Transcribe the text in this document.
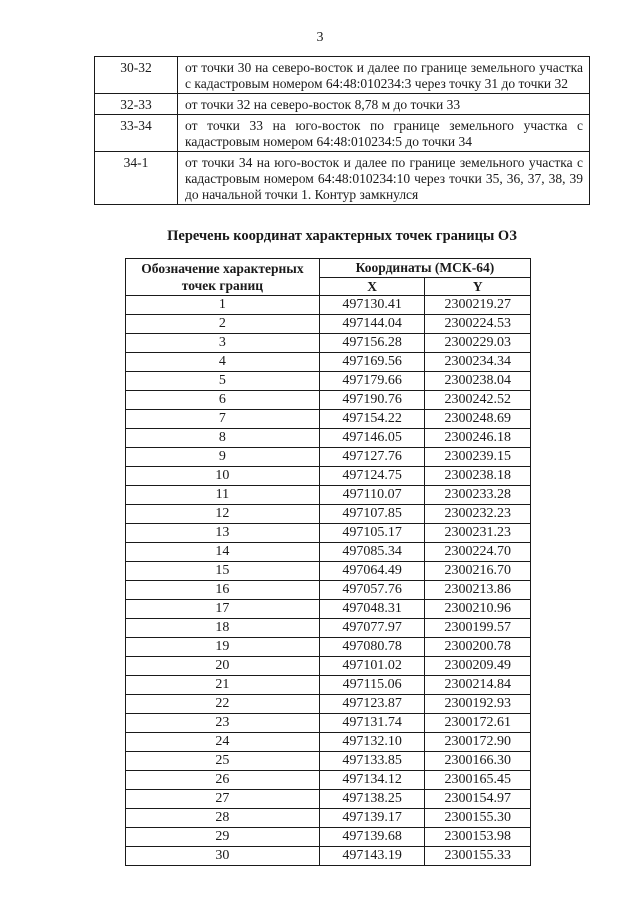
3
30-32	от точки 30 на северо-восток и далее по границе земельного участка с кадастровым номером 64:48:010234:3 через точку 31 до точки 32
32-33	от точки 32 на северо-восток 8,78 м до точки 33
33-34	от точки 33 на юго-восток по границе земельного участка с кадастровым номером 64:48:010234:5 до точки 34
34-1	от точки 34 на юго-восток и далее по границе земельного участка с кадастровым номером 64:48:010234:10 через точки 35, 36, 37, 38, 39 до начальной точки 1. Контур замкнулся
Перечень координат характерных точек границы ОЗ
Обозначение характерных точек границ	Координаты (МСК-64)	
	X	Y
1	497130.41	2300219.27
2	497144.04	2300224.53
3	497156.28	2300229.03
4	497169.56	2300234.34
5	497179.66	2300238.04
6	497190.76	2300242.52
7	497154.22	2300248.69
8	497146.05	2300246.18
9	497127.76	2300239.15
10	497124.75	2300238.18
11	497110.07	2300233.28
12	497107.85	2300232.23
13	497105.17	2300231.23
14	497085.34	2300224.70
15	497064.49	2300216.70
16	497057.76	2300213.86
17	497048.31	2300210.96
18	497077.97	2300199.57
19	497080.78	2300200.78
20	497101.02	2300209.49
21	497115.06	2300214.84
22	497123.87	2300192.93
23	497131.74	2300172.61
24	497132.10	2300172.90
25	497133.85	2300166.30
26	497134.12	2300165.45
27	497138.25	2300154.97
28	497139.17	2300155.30
29	497139.68	2300153.98
30	497143.19	2300155.33
